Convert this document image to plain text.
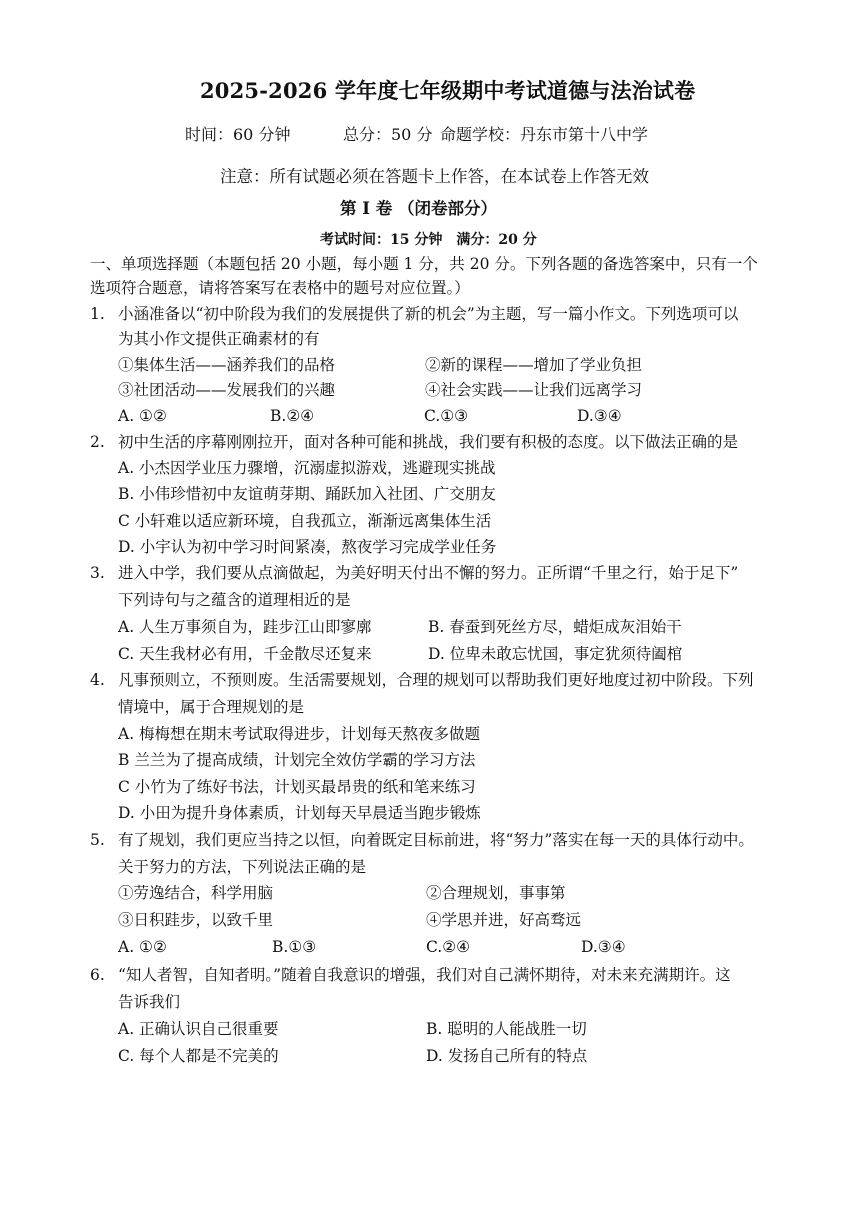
2025-2026 学年度七年级期中考试道德与法治试卷
时间：60 分钟	总分：50 分 命题学校：丹东市第十八中学
注意：所有试题必须在答题卡上作答，在本试卷上作答无效
第 I 卷 （闭卷部分）
考试时间：15 分钟　满分：20 分
一、单项选择题（本题包括 20 小题，每小题 1 分，共 20 分。下列各题的备选答案中，只有一个
选项符合题意，请将答案写在表格中的题号对应位置。）
1. 小涵准备以“初中阶段为我们的发展提供了新的机会”为主题，写一篇小作文。下列选项可以
为其小作文提供正确素材的有
①集体生活——涵养我们的品格	②新的课程——增加了学业负担
③社团活动——发展我们的兴趣	④社会实践——让我们远离学习
A. ①②	B.②④	C.①③	D.③④
2. 初中生活的序幕刚刚拉开，面对各种可能和挑战，我们要有积极的态度。以下做法正确的是
A. 小杰因学业压力骤增，沉溺虚拟游戏，逃避现实挑战
B. 小伟珍惜初中友谊萌芽期、踊跃加入社团、广交朋友
C 小轩难以适应新环境，自我孤立，渐渐远离集体生活
D. 小宇认为初中学习时间紧凑，熬夜学习完成学业任务
3. 进入中学，我们要从点滴做起，为美好明天付出不懈的努力。正所谓“千里之行，始于足下”
下列诗句与之蕴含的道理相近的是
A. 人生万事须自为，跬步江山即寥廓	B. 春蚕到死丝方尽，蜡炬成灰泪始干
C. 天生我材必有用，千金散尽还复来	D. 位卑未敢忘忧国，事定犹须待阖棺
4. 凡事预则立，不预则废。生活需要规划，合理的规划可以帮助我们更好地度过初中阶段。下列
情境中，属于合理规划的是
A. 梅梅想在期末考试取得进步，计划每天熬夜多做题
B 兰兰为了提高成绩，计划完全效仿学霸的学习方法
C 小竹为了练好书法，计划买最昂贵的纸和笔来练习
D. 小田为提升身体素质，计划每天早晨适当跑步锻炼
5. 有了规划，我们更应当持之以恒，向着既定目标前进，将“努力”落实在每一天的具体行动中。
关于努力的方法，下列说法正确的是
①劳逸结合，科学用脑	②合理规划，事事第
③日积跬步，以致千里	④学思并进，好高骛远
A. ①②	B.①③	C.②④	D.③④
6. “知人者智，自知者明。”随着自我意识的增强，我们对自己满怀期待，对未来充满期许。这
告诉我们
A. 正确认识自己很重要	B. 聪明的人能战胜一切
C. 每个人都是不完美的	D. 发扬自己所有的特点
